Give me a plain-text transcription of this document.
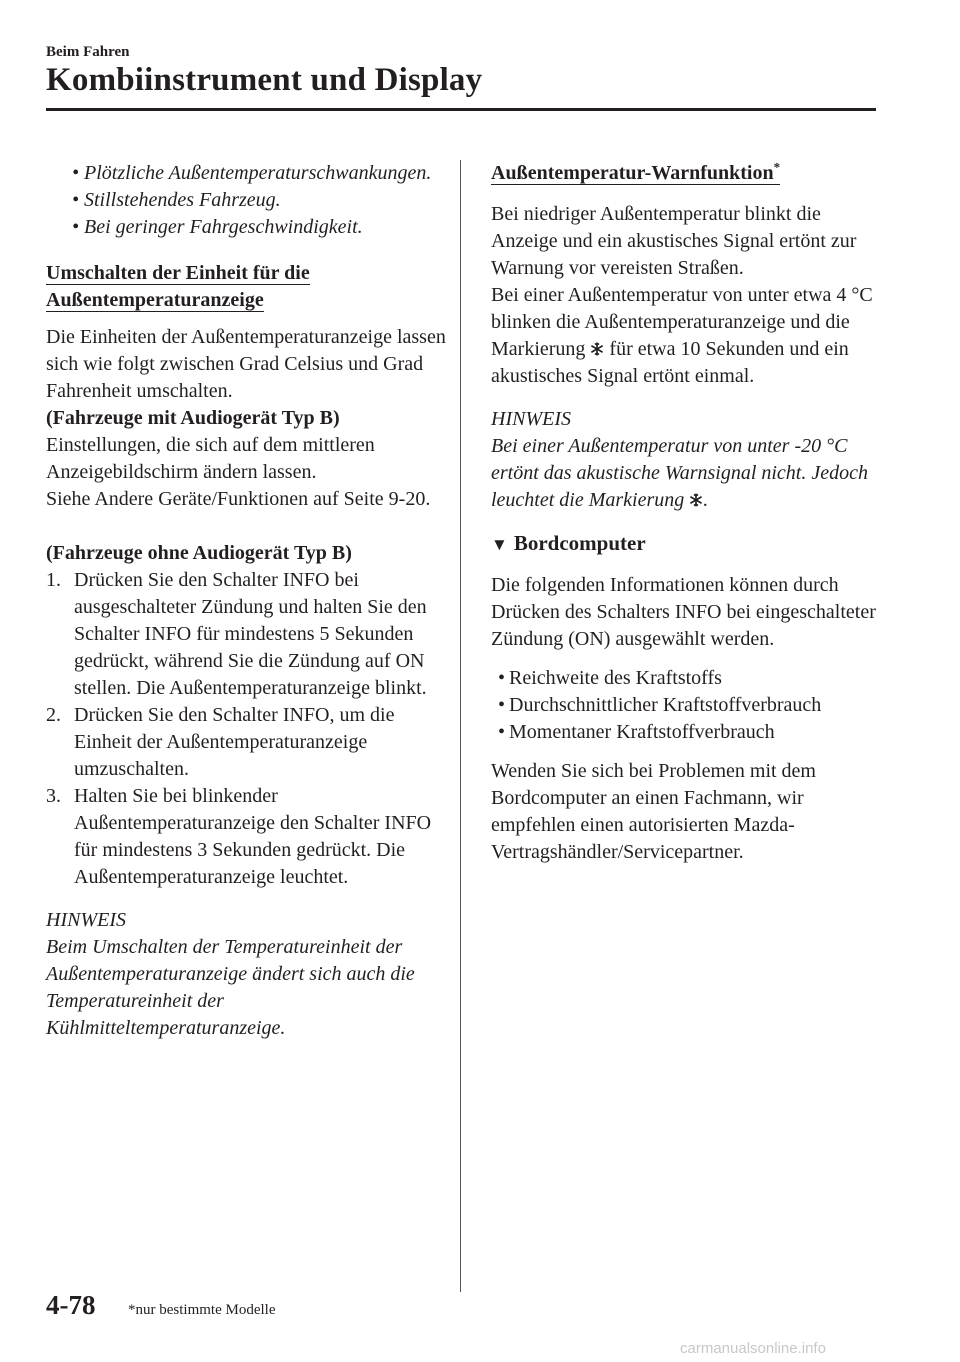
Beim Fahren
Kombiinstrument und Display

• Plötzliche Außentemperaturschwankungen.

• Stillstehendes Fahrzeug.

• Bei geringer Fahrgeschwindigkeit.

Umschalten der Einheit für die
Außentemperaturanzeige

Die Einheiten der Außentemperaturanzeige lassen sich wie folgt zwischen Grad Celsius und Grad Fahrenheit umschalten.

(Fahrzeuge mit Audiogerät Typ B)

Einstellungen, die sich auf dem mittleren Anzeigebildschirm ändern lassen.

Siehe Andere Geräte/Funktionen auf Seite 9-20.

(Fahrzeuge ohne Audiogerät Typ B)

1. Drücken Sie den Schalter INFO bei ausgeschalteter Zündung und halten Sie den Schalter INFO für mindestens 5 Sekunden gedrückt, während Sie die Zündung auf ON stellen. Die Außentemperaturanzeige blinkt.

2. Drücken Sie den Schalter INFO, um die Einheit der Außentemperaturanzeige umzuschalten.

3. Halten Sie bei blinkender Außentemperaturanzeige den Schalter INFO für mindestens 3 Sekunden gedrückt. Die Außentemperaturanzeige leuchtet.

HINWEIS

Beim Umschalten der Temperatureinheit der Außentemperaturanzeige ändert sich auch die Temperatureinheit der Kühlmitteltemperaturanzeige.

Außentemperatur-Warnfunktion*

Bei niedriger Außentemperatur blinkt die Anzeige und ein akustisches Signal ertönt zur Warnung vor vereisten Straßen.

Bei einer Außentemperatur von unter etwa 4 °C blinken die Außentemperaturanzeige und die Markierung für etwa 10 Sekunden und ein akustisches Signal ertönt einmal.

HINWEIS

Bei einer Außentemperatur von unter -20 °C ertönt das akustische Warnsignal nicht. Jedoch leuchtet die Markierung .

▼ Bordcomputer

Die folgenden Informationen können durch Drücken des Schalters INFO bei eingeschalteter Zündung (ON) ausgewählt werden.

• Reichweite des Kraftstoffs

• Durchschnittlicher Kraftstoffverbrauch

• Momentaner Kraftstoffverbrauch

Wenden Sie sich bei Problemen mit dem Bordcomputer an einen Fachmann, wir empfehlen einen autorisierten Mazda-Vertragshändler/Servicepartner.

4-78 *nur bestimmte Modelle
carmanualsonline.info
